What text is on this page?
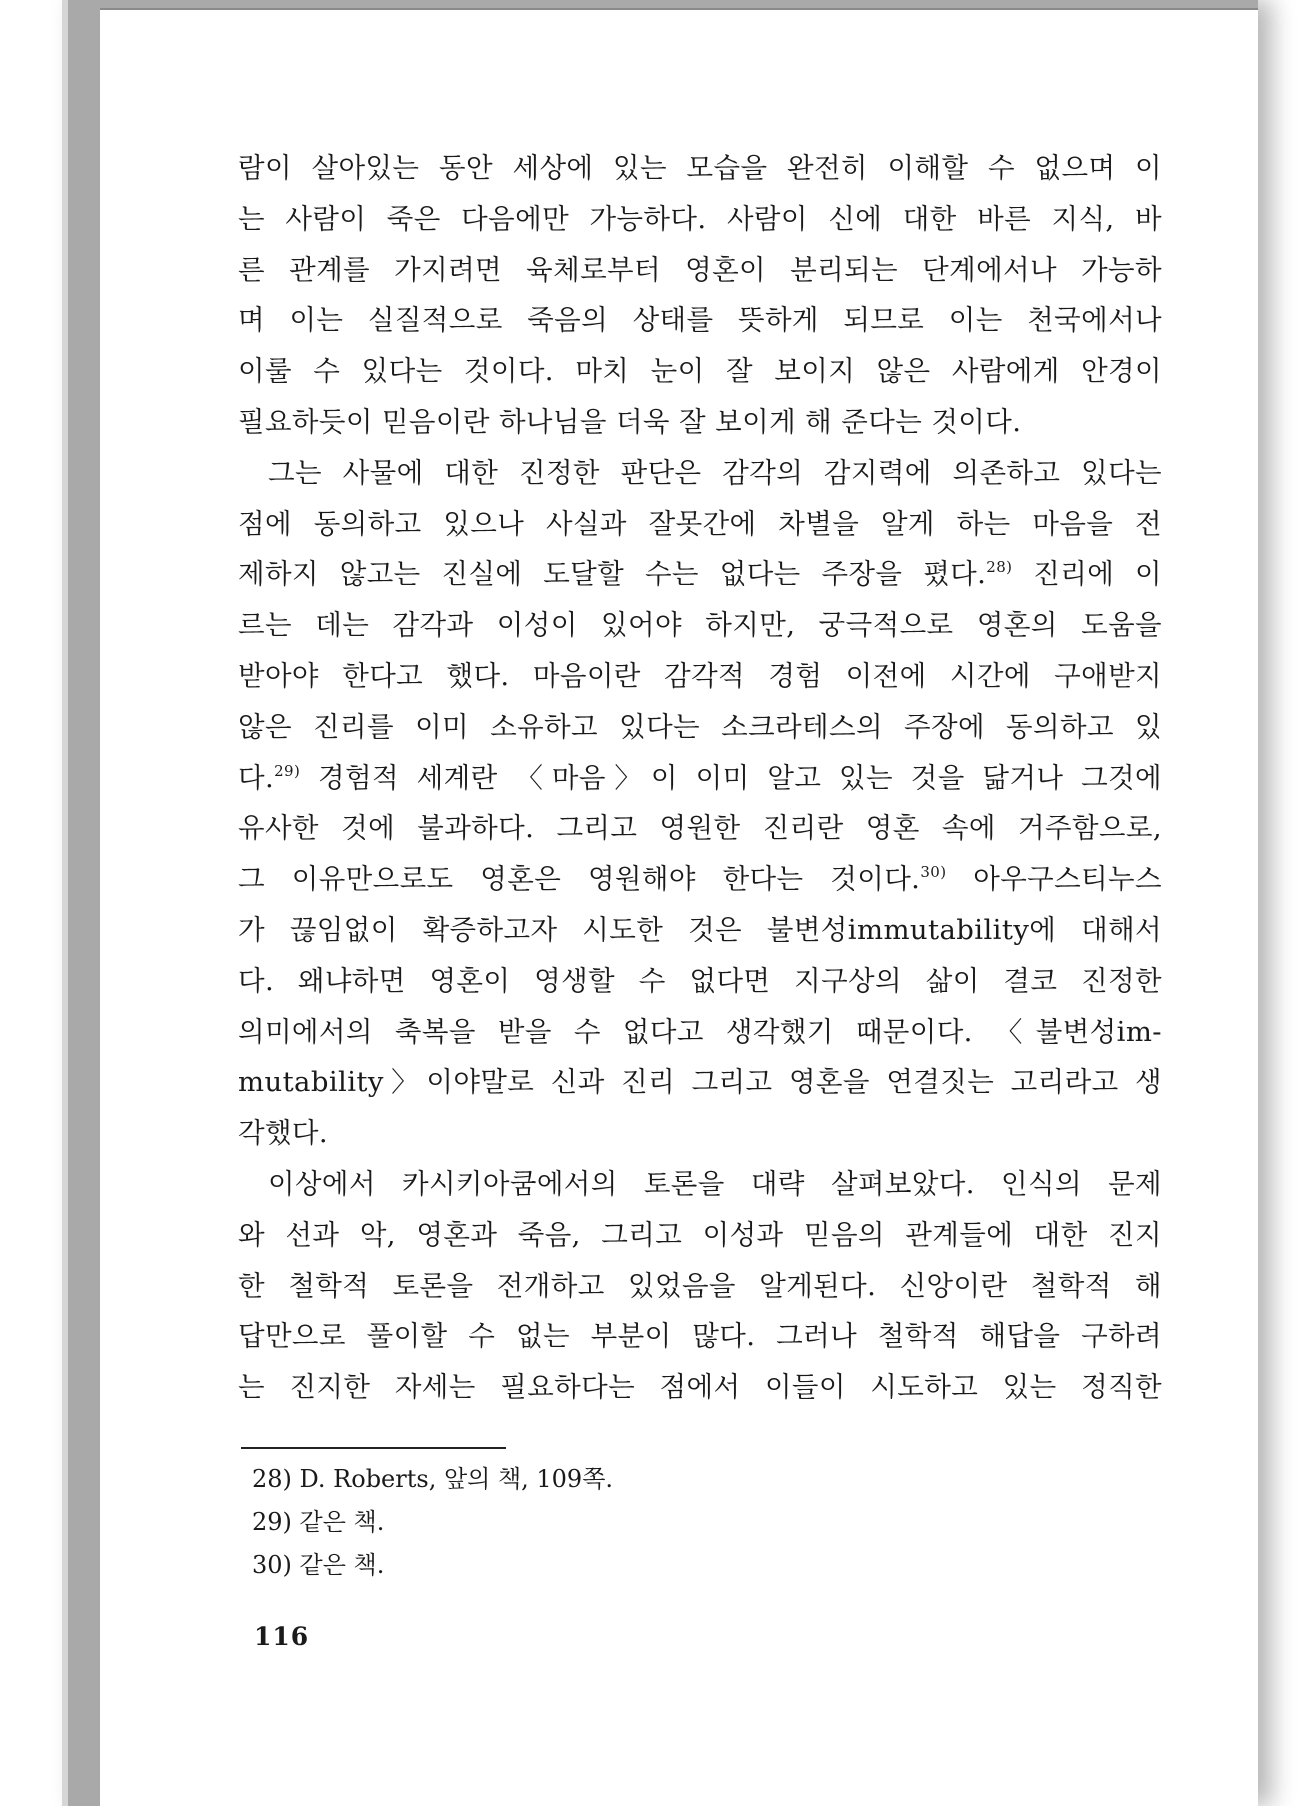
람이 살아있는 동안 세상에 있는 모습을 완전히 이해할 수 없으며 이
는 사람이 죽은 다음에만 가능하다. 사람이 신에 대한 바른 지식, 바
른 관계를 가지려면 육체로부터 영혼이 분리되는 단계에서나 가능하
며 이는 실질적으로 죽음의 상태를 뜻하게 되므로 이는 천국에서나
이룰 수 있다는 것이다. 마치 눈이 잘 보이지 않은 사람에게 안경이
필요하듯이 믿음이란 하나님을 더욱 잘 보이게 해 준다는 것이다.
그는 사물에 대한 진정한 판단은 감각의 감지력에 의존하고 있다는
점에 동의하고 있으나 사실과 잘못간에 차별을 알게 하는 마음을 전
제하지 않고는 진실에 도달할 수는 없다는 주장을 폈다.$^{28)}$ 진리에 이
르는 데는 감각과 이성이 있어야 하지만, 궁극적으로 영혼의 도움을
받아야 한다고 했다. 마음이란 감각적 경험 이전에 시간에 구애받지
않은 진리를 이미 소유하고 있다는 소크라테스의 주장에 동의하고 있
다.$^{29)}$ 경험적 세계란 〈마음〉이 이미 알고 있는 것을 닮거나 그것에
유사한 것에 불과하다. 그리고 영원한 진리란 영혼 속에 거주함으로,
그 이유만으로도 영혼은 영원해야 한다는 것이다.$^{30)}$ 아우구스티누스
가 끊임없이 확증하고자 시도한 것은 불변성immutability에 대해서
다. 왜냐하면 영혼이 영생할 수 없다면 지구상의 삶이 결코 진정한
의미에서의 축복을 받을 수 없다고 생각했기 때문이다. 〈불변성im-
mutability〉이야말로 신과 진리 그리고 영혼을 연결짓는 고리라고 생
각했다.
이상에서 카시키아쿰에서의 토론을 대략 살펴보았다. 인식의 문제
와 선과 악, 영혼과 죽음, 그리고 이성과 믿음의 관계들에 대한 진지
한 철학적 토론을 전개하고 있었음을 알게된다. 신앙이란 철학적 해
답만으로 풀이할 수 없는 부분이 많다. 그러나 철학적 해답을 구하려
는 진지한 자세는 필요하다는 점에서 이들이 시도하고 있는 정직한
28) D. Roberts, 앞의 책, 109쪽.
29) 같은 책.
30) 같은 책.
116
